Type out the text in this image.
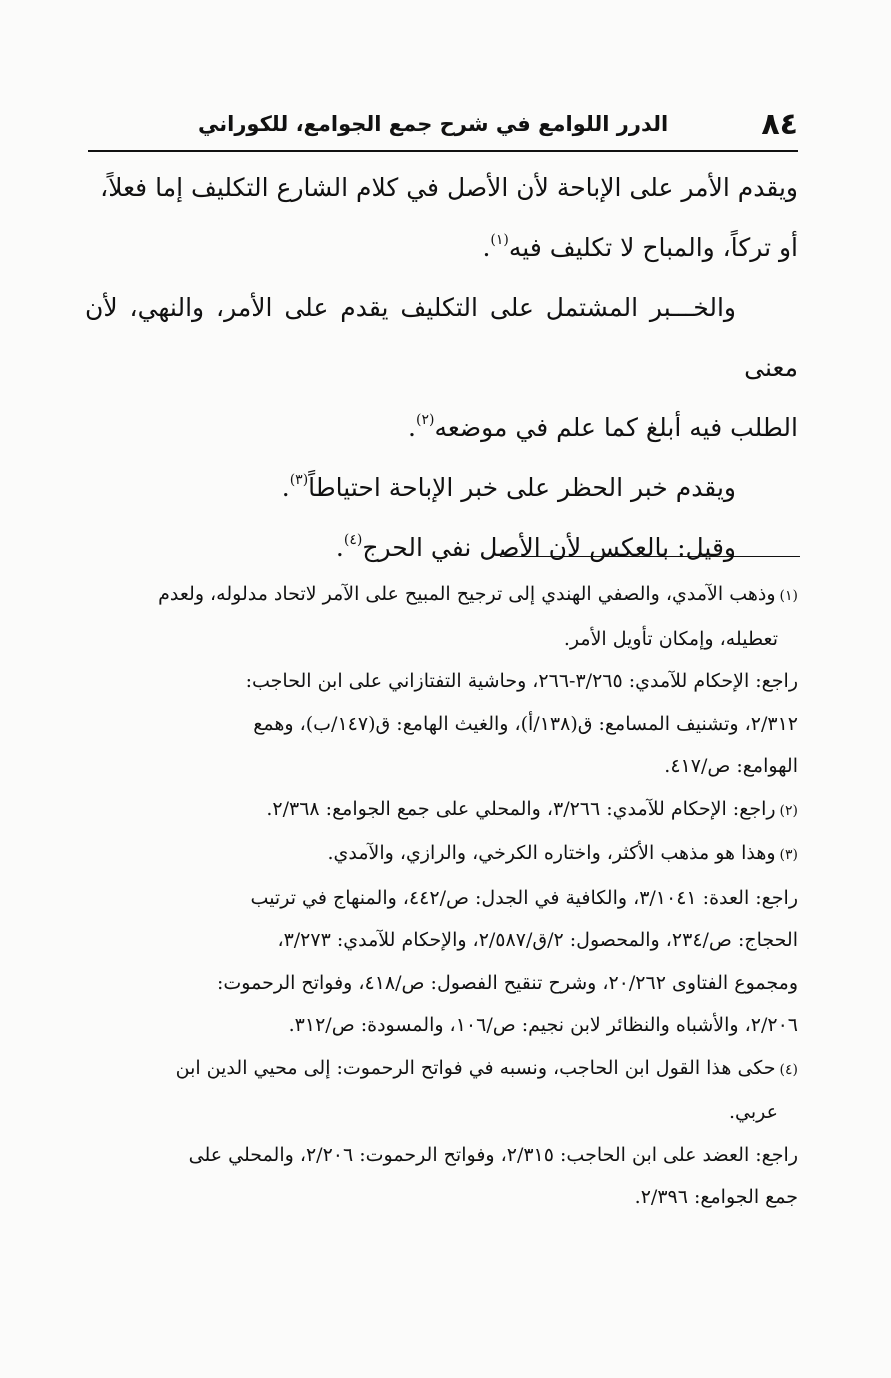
٨٤
الدرر اللوامع في شرح جمع الجوامع، للكوراني

ويقدم الأمر على الإباحة لأن الأصل في كلام الشارع التكليف إما فعلاً،

أو تركاً، والمباح لا تكليف فيه$^{(١)}$.

والخـــبر المشتمل على التكليف يقدم على الأمر، والنهي، لأن معنى

الطلب فيه أبلغ كما علم في موضعه$^{(٢)}$.

ويقدم خبر الحظر على خبر الإباحة احتياطاً$^{(٣)}$.

وقيل: بالعكس لأن الأصل نفي الحرج$^{(٤)}$.

(١)وذهب الآمدي، والصفي الهندي إلى ترجيح المبيح على الآمر لاتحاد مدلوله، ولعدم

تعطيله، وإمكان تأويل الأمر.

راجع: الإحكام للآمدي: ٣/٢٦٥-٢٦٦، وحاشية التفتازاني على ابن الحاجب:

٢/٣١٢، وتشنيف المسامع: ق(١٣٨/أ)، والغيث الهامع: ق(١٤٧/ب)، وهمع

الهوامع: ص/٤١٧.

(٢)راجع: الإحكام للآمدي: ٣/٢٦٦، والمحلي على جمع الجوامع: ٢/٣٦٨.

(٣)وهذا هو مذهب الأكثر، واختاره الكرخي، والرازي، والآمدي.

راجع: العدة: ٣/١٠٤١، والكافية في الجدل: ص/٤٤٢، والمنهاج في ترتيب

الحجاج: ص/٢٣٤، والمحصول: ٢/ق/٢/٥٨٧، والإحكام للآمدي: ٣/٢٧٣،

ومجموع الفتاوى ٢٠/٢٦٢، وشرح تنقيح الفصول: ص/٤١٨، وفواتح الرحموت:

٢/٢٠٦، والأشباه والنظائر لابن نجيم: ص/١٠٦، والمسودة: ص/٣١٢.

(٤)حكى هذا القول ابن الحاجب، ونسبه في فواتح الرحموت: إلى محيي الدين ابن

عربي.

راجع: العضد على ابن الحاجب: ٢/٣١٥، وفواتح الرحموت: ٢/٢٠٦، والمحلي على

جمع الجوامع: ٢/٣٩٦.
